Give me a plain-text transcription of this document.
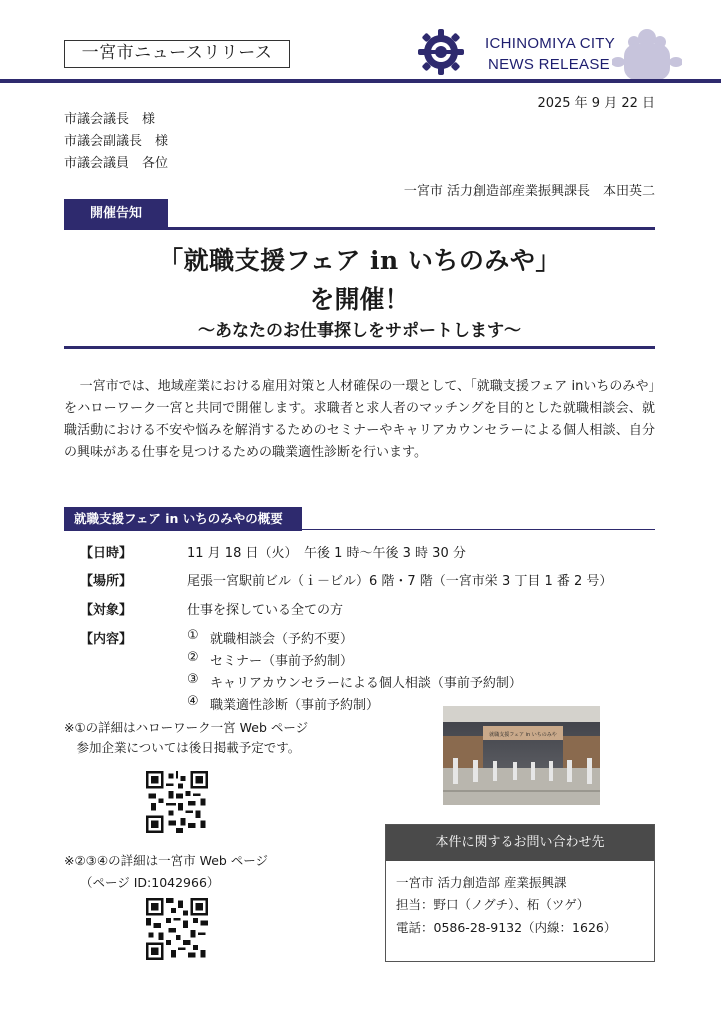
一宮市ニュースリリース	ICHINOMIYA CITY
NEWS RELEASE
2025 年 9 月 22 日
市議会議長　様
市議会副議長　様
市議会議員　各位
一宮市 活力創造部産業振興課長　本田英二
開催告知
「就職支援フェア in いちのみや」
を開催！
～あなたのお仕事探しをサポートします～
一宮市では、地域産業における雇用対策と人材確保の一環として、「就職支援フェア inいちのみや」をハローワーク一宮と共同で開催します。求職者と求人者のマッチングを目的とした就職相談会、就職活動における不安や悩みを解消するためのセミナーやキャリアカウンセラーによる個人相談、自分の興味がある仕事を見つけるための職業適性診断を行います。
就職支援フェア in いちのみやの概要
【日時】	11 月 18 日（火）　午後 1 時～午後 3 時 30 分
【場所】	尾張一宮駅前ビル（ｉ－ビル）6 階・7 階（一宮市栄 3 丁目 1 番 2 号）
【対象】	仕事を探している全ての方
【内容】	① 就職相談会（予約不要）
② セミナー（事前予約制）
③ キャリアカウンセラーによる個人相談（事前予約制）
④ 職業適性診断（事前予約制）
※①の詳細はハローワーク一宮 Web ページ
　参加企業については後日掲載予定です。
※②③④の詳細は一宮市 Web ページ
（ページ ID:1042966）
就職支援フェア in いちのみや
本件に関するお問い合わせ先
一宮市 活力創造部 産業振興課
担当：野口（ノグチ）、柘（ツゲ）
電話：0586-28-9132（内線：1626）
